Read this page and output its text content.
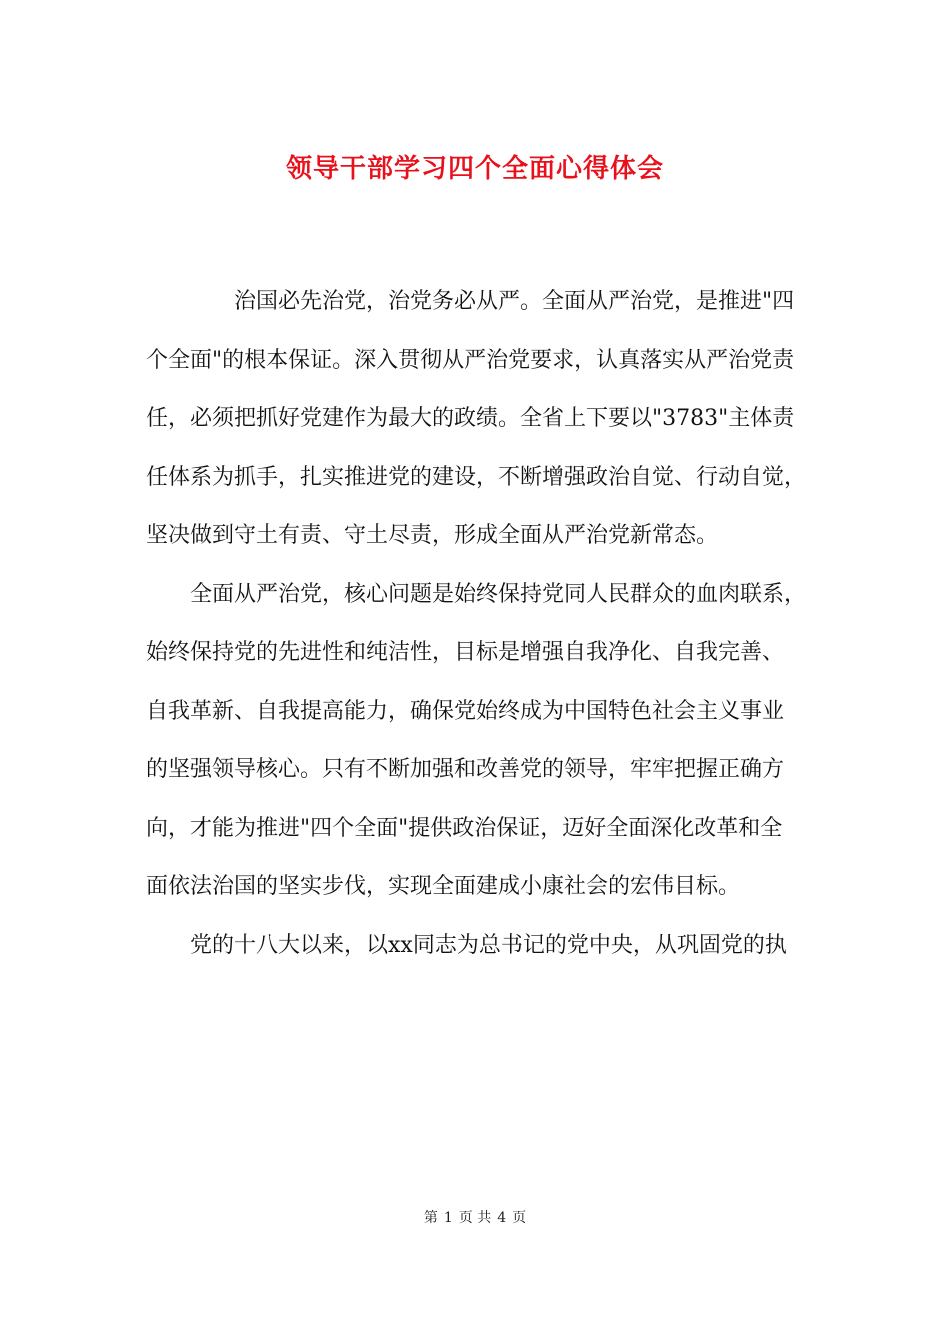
领导干部学习四个全面心得体会

治国必先治党，治党务必从严。全面从严治党，是推进"四
个全面"的根本保证。深入贯彻从严治党要求，认真落实从严治党责
任，必须把抓好党建作为最大的政绩。全省上下要以"3783"主体责
任体系为抓手，扎实推进党的建设，不断增强政治自觉、行动自觉，
坚决做到守土有责、守土尽责，形成全面从严治党新常态。

全面从严治党，核心问题是始终保持党同人民群众的血肉联系，
始终保持党的先进性和纯洁性，目标是增强自我净化、自我完善、
自我革新、自我提高能力，确保党始终成为中国特色社会主义事业
的坚强领导核心。只有不断加强和改善党的领导，牢牢把握正确方
向，才能为推进"四个全面"提供政治保证，迈好全面深化改革和全
面依法治国的坚实步伐，实现全面建成小康社会的宏伟目标。

党的十八大以来，以xx同志为总书记的党中央，从巩固党的执

第 1 页 共 4 页
